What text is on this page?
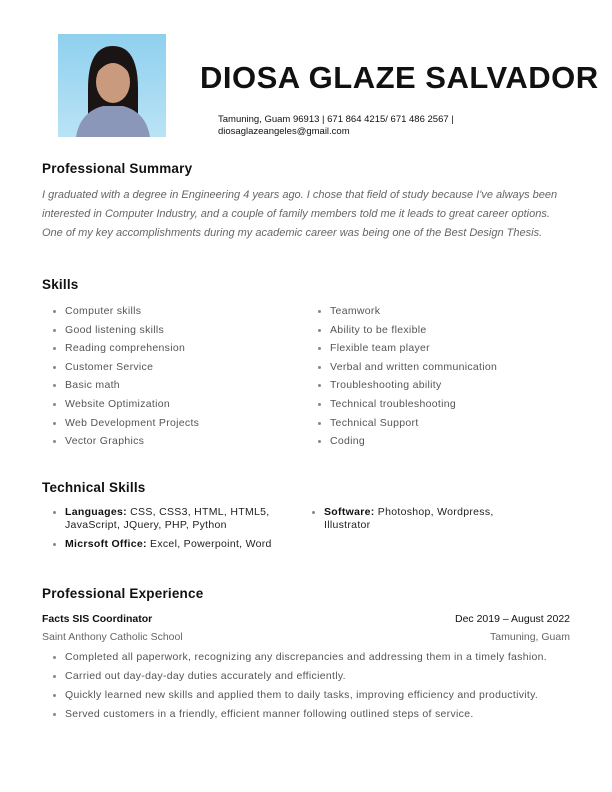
DIOSA GLAZE SALVADOR
Tamuning, Guam 96913 | 671 864 4215/ 671 486 2567 |
diosaglazeangeles@gmail.com
Professional Summary
I graduated with a degree in Engineering 4 years ago. I chose that field of study because I've always been interested in Computer Industry, and a couple of family members told me it leads to great career options. One of my key accomplishments during my academic career was being one of the Best Design Thesis.
Skills
Computer skills
Good listening skills
Reading comprehension
Customer Service
Basic math
Website Optimization
Web Development Projects
Vector Graphics
Teamwork
Ability to be flexible
Flexible team player
Verbal and written communication
Troubleshooting ability
Technical troubleshooting
Technical Support
Coding
Technical Skills
Languages: CSS, CSS3, HTML, HTML5, JavaScript, JQuery, PHP, Python
Micrsoft Office: Excel, Powerpoint, Word
Software: Photoshop, Wordpress, Illustrator
Professional Experience
Facts SIS Coordinator	Dec 2019 – August 2022
Saint Anthony Catholic School	Tamuning, Guam
Completed all paperwork, recognizing any discrepancies and addressing them in a timely fashion.
Carried out day-day-day duties accurately and efficiently.
Quickly learned new skills and applied them to daily tasks, improving efficiency and productivity.
Served customers in a friendly, efficient manner following outlined steps of service.
